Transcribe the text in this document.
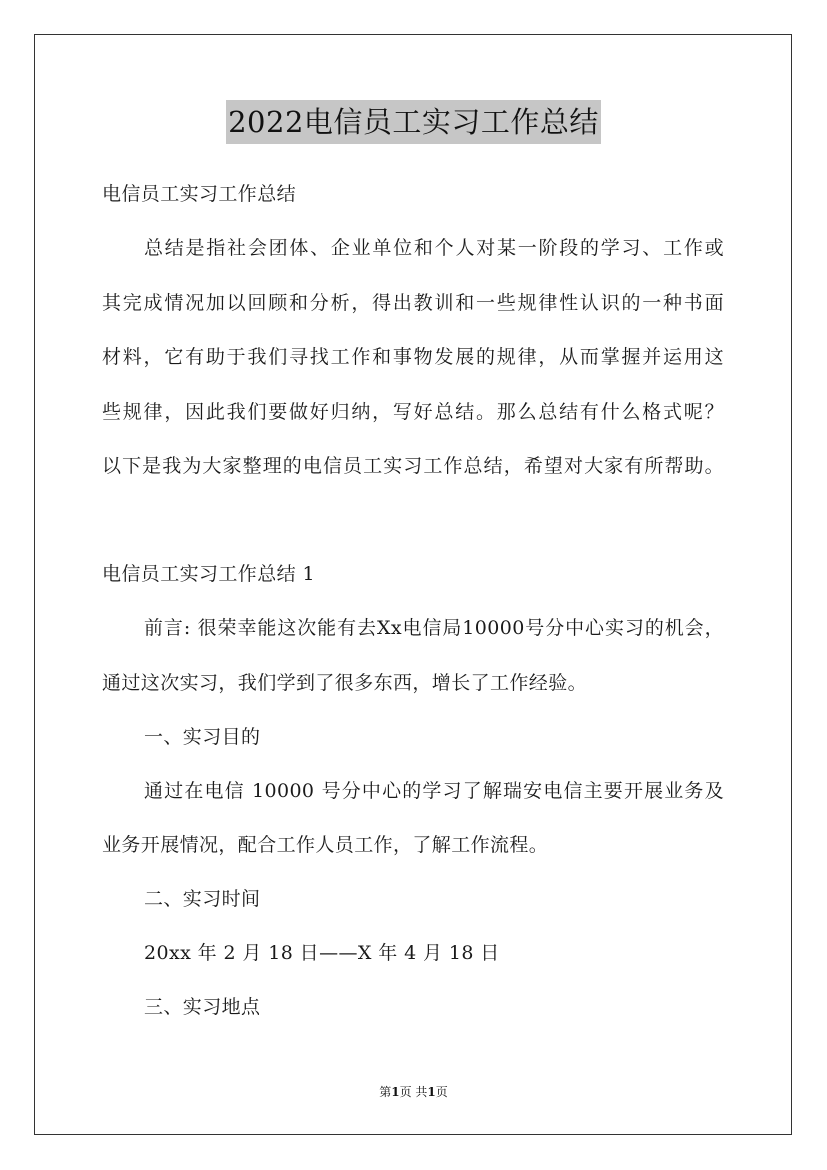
2022电信员工实习工作总结
电信员工实习工作总结
总结是指社会团体、企业单位和个人对某一阶段的学习、工作或
其完成情况加以回顾和分析，得出教训和一些规律性认识的一种书面
材料，它有助于我们寻找工作和事物发展的规律，从而掌握并运用这
些规律，因此我们要做好归纳，写好总结。那么总结有什么格式呢？
以下是我为大家整理的电信员工实习工作总结，希望对大家有所帮助。
电信员工实习工作总结 1
前言: 很荣幸能这次能有去Xx电信局10000号分中心实习的机会，
通过这次实习，我们学到了很多东西，增长了工作经验。
一、实习目的
通过在电信 10000 号分中心的学习了解瑞安电信主要开展业务及
业务开展情况，配合工作人员工作，了解工作流程。
二、实习时间
20xx 年 2 月 18 日——X 年 4 月 18 日
三、实习地点
第1页 共1页
